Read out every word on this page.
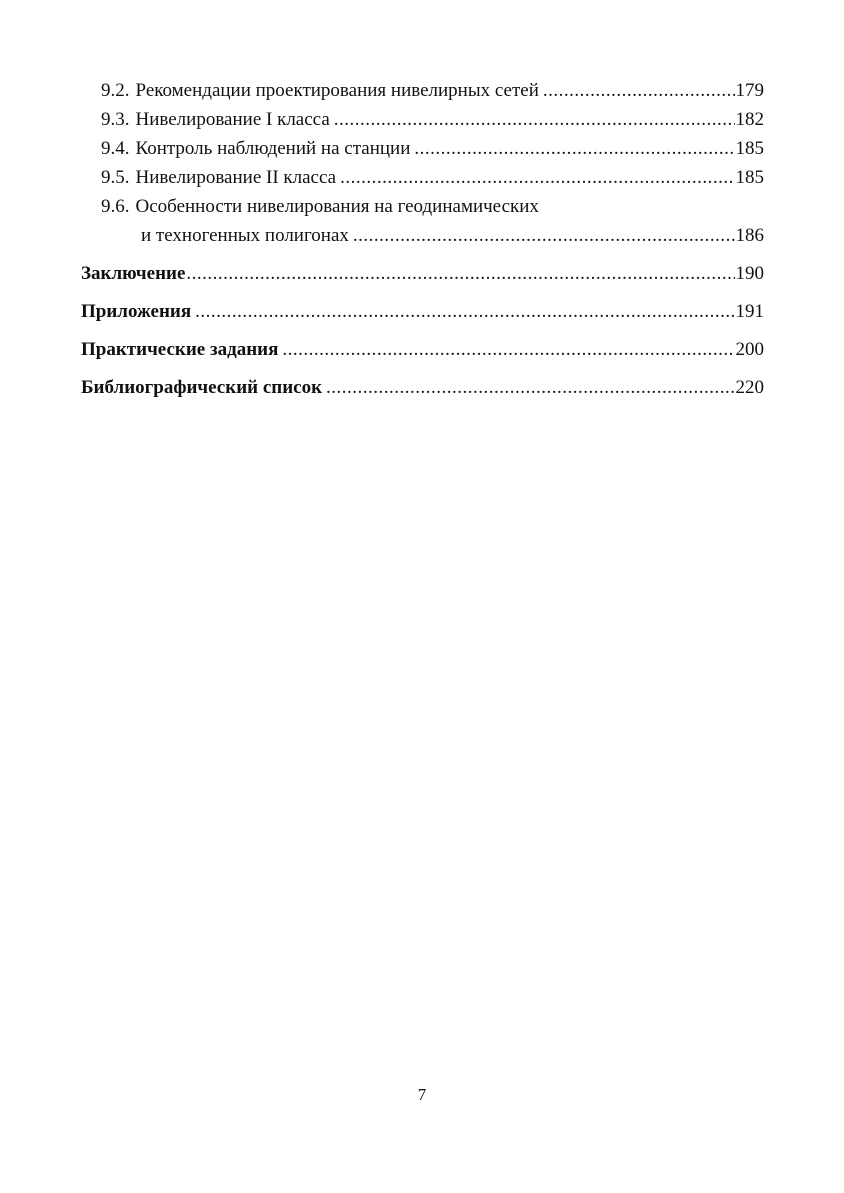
9.2. Рекомендации проектирования нивелирных сетей .....	179
9.3. Нивелирование I класса .....	182
9.4. Контроль наблюдений на станции .....	185
9.5. Нивелирование II класса .....	185
9.6. Особенности нивелирования на геодинамических
и техногенных полигонах .....	186
Заключение .....	190
Приложения .....	191
Практические задания .....	200
Библиографический список .....	220
7
